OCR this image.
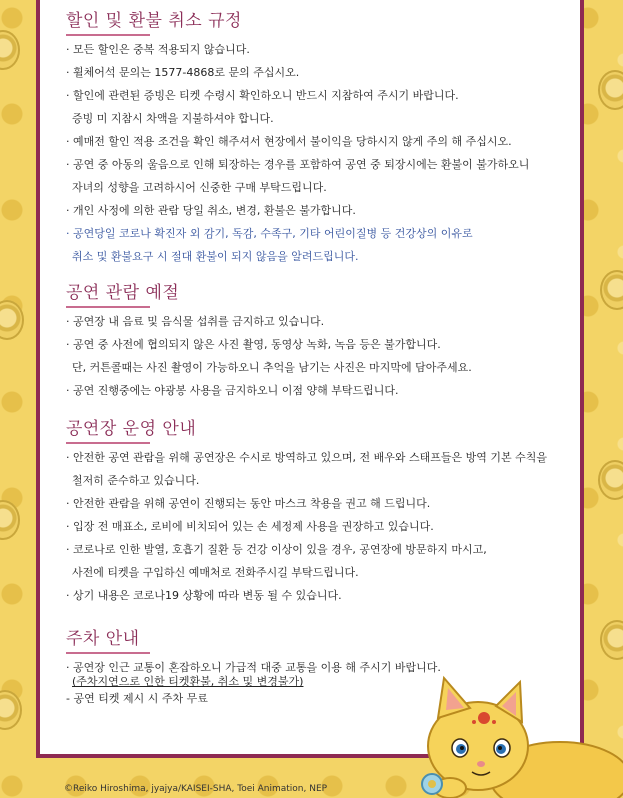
할인 및 환불 취소 규정
· 모든 할인은 중복 적용되지 않습니다.
· 휠체어석 문의는 1577-4868로 문의 주십시오.
· 할인에 관련된 증빙은 티켓 수령시 확인하오니 반드시 지참하여 주시기 바랍니다.
증빙 미 지참시 차액을 지불하셔야 합니다.
· 예매전 할인 적용 조건을 확인 해주셔서 현장에서 불이익을 당하시지 않게 주의 해 주십시오.
· 공연 중 아동의 울음으로 인해 퇴장하는 경우를 포함하여 공연 중 퇴장시에는 환불이 불가하오니
자녀의 성향을 고려하시어 신중한 구매 부탁드립니다.
· 개인 사정에 의한 관람 당일 취소, 변경, 환불은 불가합니다.
· 공연당일 코로나 확진자 외 감기, 독감, 수족구, 기타 어린이질병 등 건강상의 이유로
취소 및 환불요구 시 절대 환불이 되지 않음을 알려드립니다.
공연 관람 예절
· 공연장 내 음료 및 음식물 섭취를 금지하고 있습니다.
· 공연 중 사전에 협의되지 않은 사진 촬영, 동영상 녹화, 녹음 등은 불가합니다.
단, 커튼콜때는 사진 촬영이 가능하오니 추억을 남기는 사진은 마지막에 담아주세요.
· 공연 진행중에는 야광봉 사용을 금지하오니 이점 양해 부탁드립니다.
공연장 운영 안내
· 안전한 공연 관람을 위해 공연장은 수시로 방역하고 있으며, 전 배우와 스태프들은 방역 기본 수칙을
철저히 준수하고 있습니다.
· 안전한 관람을 위해 공연이 진행되는 동안 마스크 착용을 권고 해 드립니다.
· 입장 전 매표소, 로비에 비치되어 있는 손 세정제 사용을 권장하고 있습니다.
· 코로나로 인한 발열, 호흡기 질환 등 건강 이상이 있을 경우, 공연장에 방문하지 마시고,
사전에 티켓을 구입하신 예매처로 전화주시길 부탁드립니다.
· 상기 내용은 코로나19 상황에 따라 변동 될 수 있습니다.
주차 안내
· 공연장 인근 교통이 혼잡하오니 가급적 대중 교통을 이용 해 주시기 바랍니다.
(주차지연으로 인한 티켓환불, 취소 및 변경불가)
- 공연 티켓 제시 시 주차 무료
©Reiko Hiroshima, jyajya/KAISEI-SHA, Toei Animation, NEP
